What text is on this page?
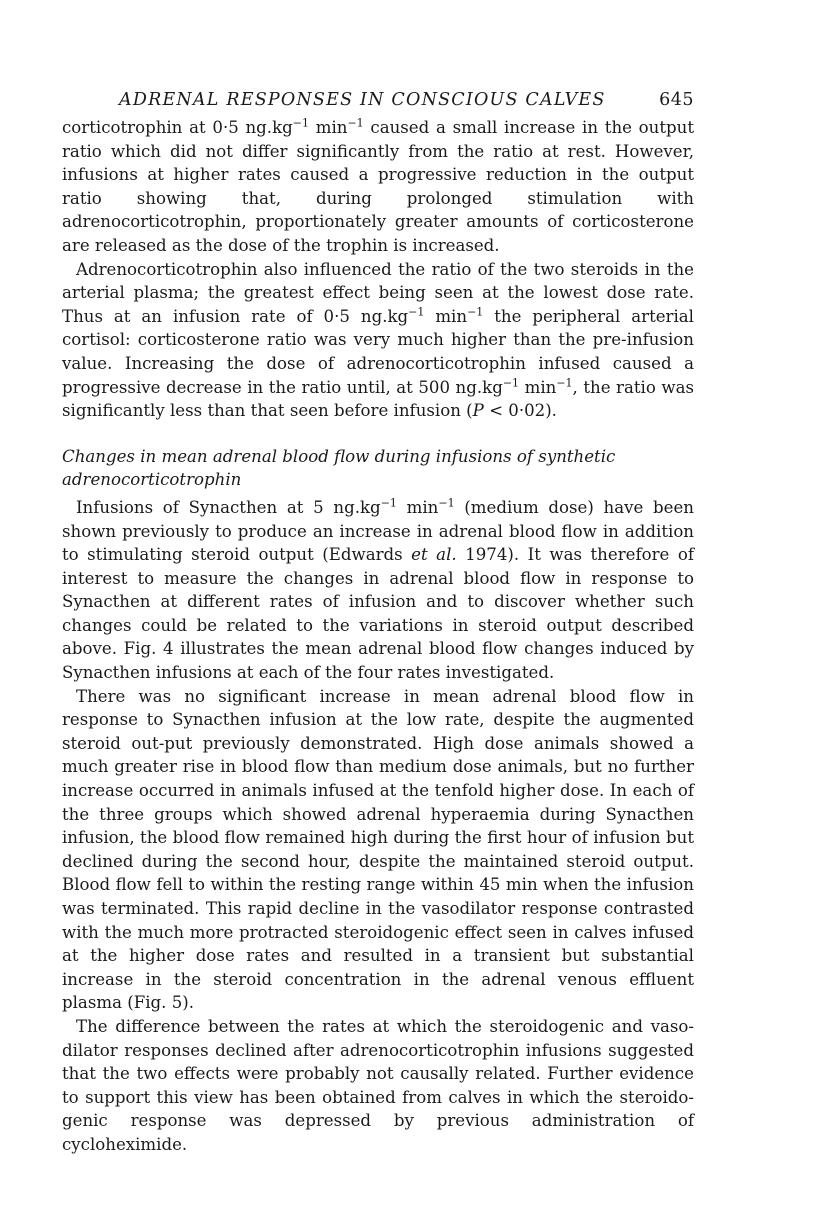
ADRENAL RESPONSES IN CONSCIOUS CALVES	645

corticotrophin at 0·5 $ng.kg^{-1}$ $\min^{-1}$ caused a small increase in the output ratio which did not differ significantly from the ratio at rest. However, infusions at higher rates caused a progressive reduction in the output ratio showing that, during prolonged stimulation with adrenocorticotrophin, proportionately greater amounts of corticosterone are released as the dose of the trophin is increased.

Adrenocorticotrophin also influenced the ratio of the two steroids in the arterial plasma; the greatest effect being seen at the lowest dose rate. Thus at an infusion rate of 0·5 $ng.kg^{-1}$ $\min^{-1}$ the peripheral arterial cortisol: corticosterone ratio was very much higher than the pre-infusion value. Increasing the dose of adrenocorticotrophin infused caused a progressive decrease in the ratio until, at 500 $ng.kg^{-1}$ $\min^{-1}$, the ratio was significantly less than that seen before infusion (P < 0·02).

Changes in mean adrenal blood flow during infusions of synthetic adrenocorticotrophin

Infusions of Synacthen at 5 $ng.kg^{-1}$ $\min^{-1}$ (medium dose) have been shown previously to produce an increase in adrenal blood flow in addition to stimulating steroid output (Edwards et al. 1974). It was therefore of interest to measure the changes in adrenal blood flow in response to Synacthen at different rates of infusion and to discover whether such changes could be related to the variations in steroid output described above. Fig. 4 illustrates the mean adrenal blood flow changes induced by Synacthen infusions at each of the four rates investigated.

There was no significant increase in mean adrenal blood flow in response to Synacthen infusion at the low rate, despite the augmented steroid out-put previously demonstrated. High dose animals showed a much greater rise in blood flow than medium dose animals, but no further increase occurred in animals infused at the tenfold higher dose. In each of the three groups which showed adrenal hyperaemia during Synacthen infusion, the blood flow remained high during the first hour of infusion but declined during the second hour, despite the maintained steroid output. Blood flow fell to within the resting range within 45 min when the infusion was terminated. This rapid decline in the vasodilator response contrasted with the much more protracted steroidogenic effect seen in calves infused at the higher dose rates and resulted in a transient but substantial increase in the steroid concentration in the adrenal venous effluent plasma (Fig. 5).

The difference between the rates at which the steroidogenic and vaso-dilator responses declined after adrenocorticotrophin infusions suggested that the two effects were probably not causally related. Further evidence to support this view has been obtained from calves in which the steroido-genic response was depressed by previous administration of cycloheximide.
